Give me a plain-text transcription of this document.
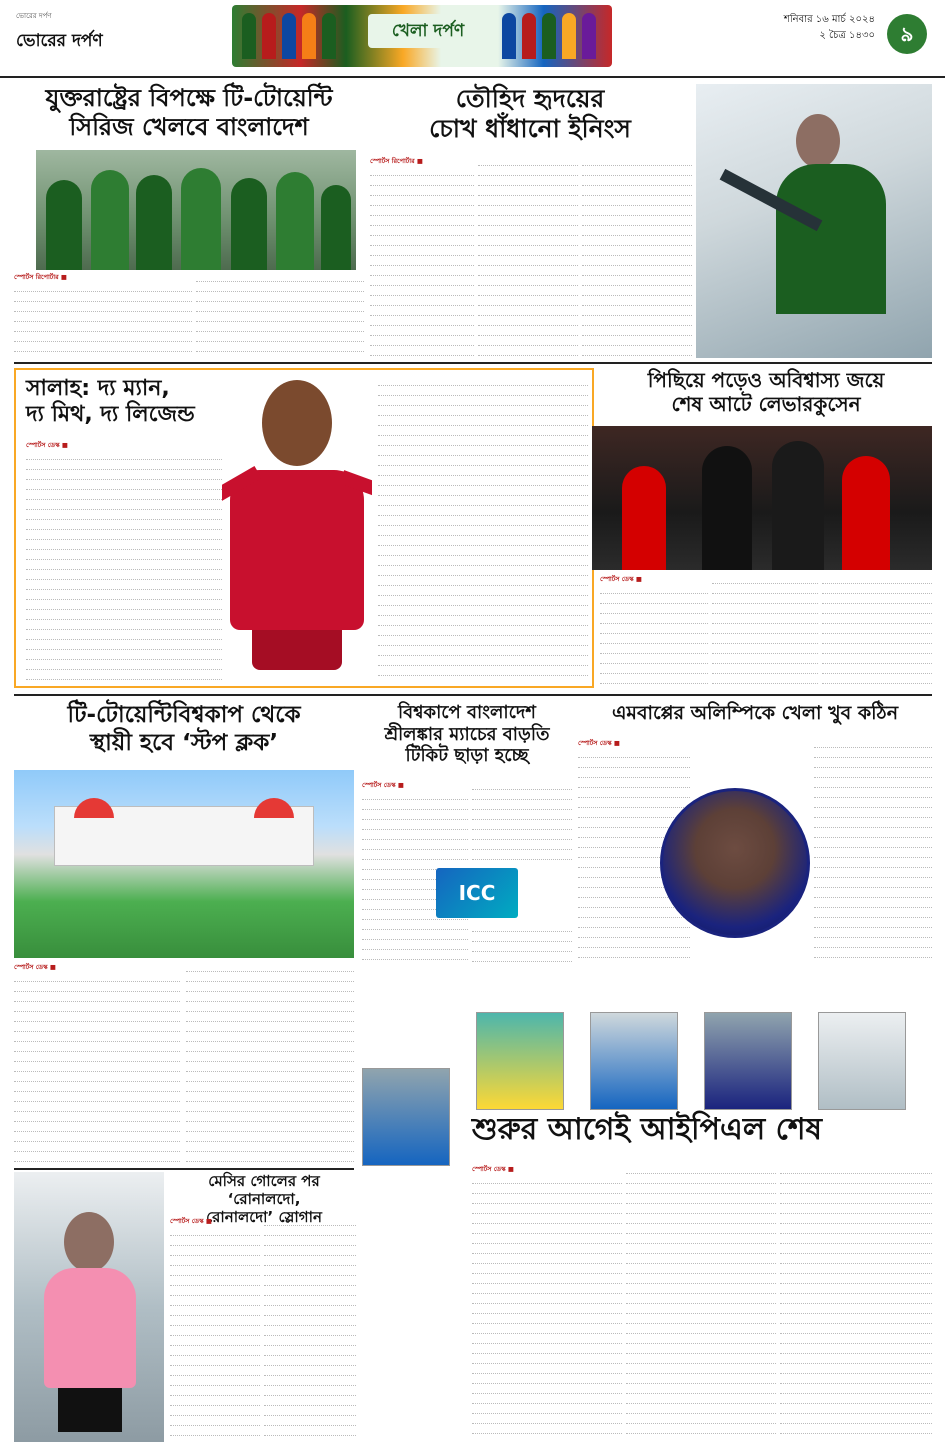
ভোরের দর্পণ
ভোরের দর্পণ	খেলা দর্পণ
শনিবার ১৬ মার্চ ২০২৪
২ চৈত্র ১৪৩০	৯
যুক্তরাষ্ট্রের বিপক্ষে টি-টোয়েন্টি
সিরিজ খেলবে বাংলাদেশ
স্পোর্টস রিপোর্টার ■
তৌহিদ হৃদয়ের
চোখ ধাঁধানো ইনিংস
স্পোর্টস রিপোর্টার ■
সালাহ: দ্য ম্যান,
দ্য মিথ, দ্য লিজেন্ড
স্পোর্টস ডেস্ক ■
পিছিয়ে পড়েও অবিশ্বাস্য জয়ে
শেষ আটে লেভারকুসেন
স্পোর্টস ডেস্ক ■
টি-টোয়েন্টিবিশ্বকাপ থেকে
স্থায়ী হবে ‘স্টপ ক্লক’
স্পোর্টস ডেস্ক ■
বিশ্বকাপে বাংলাদেশ
শ্রীলঙ্কার ম্যাচের বাড়তি
টিকিট ছাড়া হচ্ছে
স্পোর্টস ডেস্ক ■
ICC
এমবাপ্পের অলিম্পিকে খেলা খুব কঠিন
স্পোর্টস ডেস্ক ■
মেসির গোলের পর ‘রোনালদো,
রোনালদো’ স্লোগান
স্পোর্টস ডেস্ক ■
শুরুর আগেই আইপিএল শেষ
স্পোর্টস ডেস্ক ■
